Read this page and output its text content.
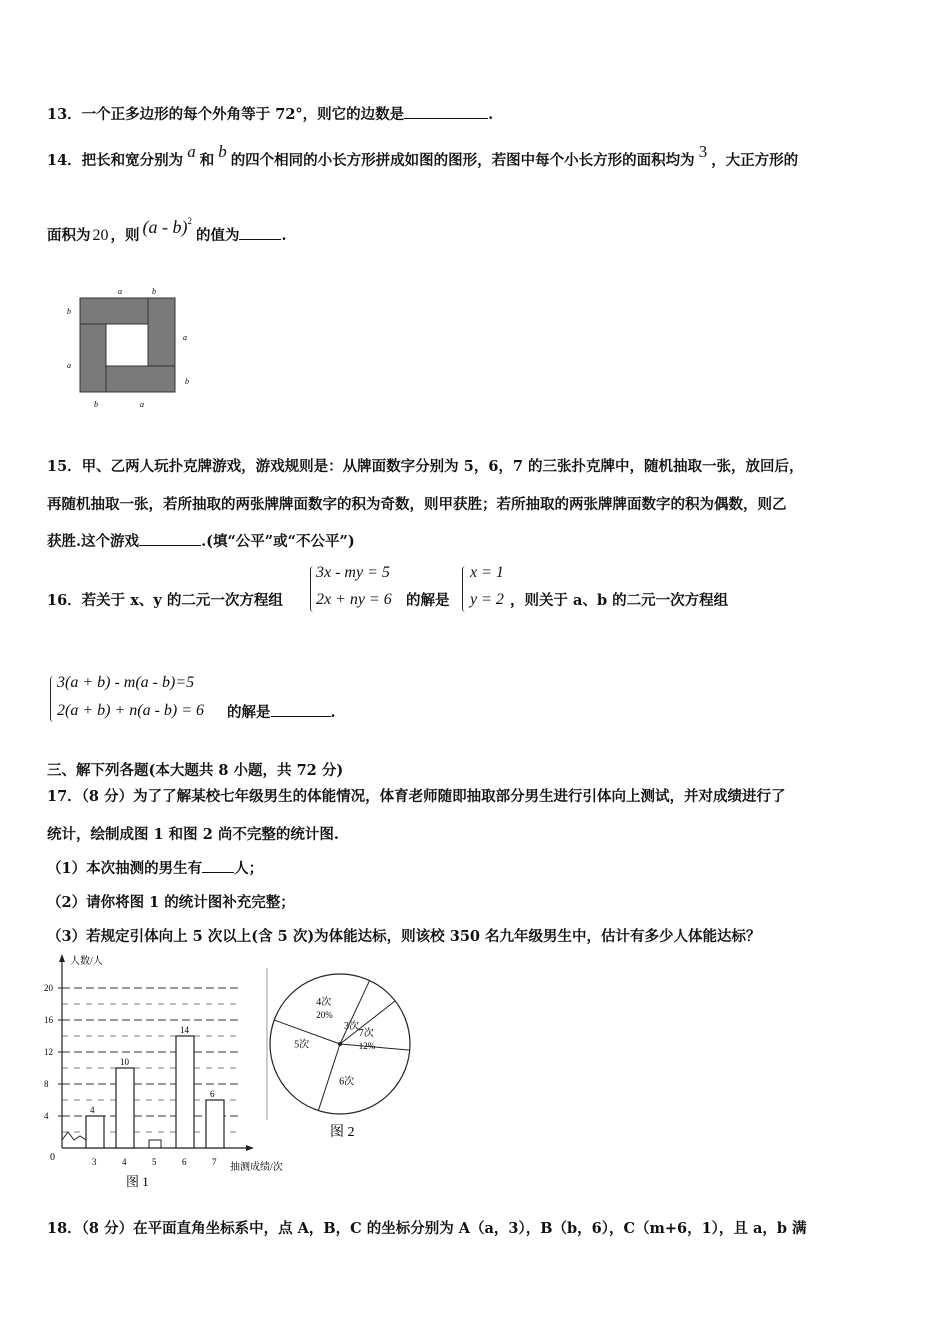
13．一个正多边形的每个外角等于 72°，则它的边数是	.
14．把长和宽分别为 a 和 b 的四个相同的小长方形拼成如图的图形，若图中每个小长方形的面积均为 3 ，大正方形的
面积为 20 ，则 (a - b)$^2$的值为	.
a	b
b
a
a
b
b	a
15．甲、乙两人玩扑克牌游戏，游戏规则是：从牌面数字分别为 5，6，7 的三张扑克牌中，随机抽取一张，放回后，
再随机抽取一张，若所抽取的两张牌牌面数字的积为奇数，则甲获胜；若所抽取的两张牌牌面数字的积为偶数，则乙
获胜.这个游戏	.(填“公平”或“不公平”)
16．若关于 x、y 的二元一次方程组
3x - my = 5
2x + ny = 6 的解是
x = 1
y = 2 ，则关于 a、b 的二元一次方程组
3(a + b) - m(a - b)=5
2(a + b) + n(a - b) = 6 的解是	.
三、解下列各题(本大题共 8 小题，共 72 分)
17．（8 分）为了了解某校七年级男生的体能情况，体育老师随即抽取部分男生进行引体向上测试，并对成绩进行了
统计，绘制成图 1 和图 2 尚不完整的统计图.
（1）本次抽测的男生有 人；
（2）请你将图 1 的统计图补充完整；
（3）若规定引体向上 5 次以上(含 5 次)为体能达标，则该校 350 名九年级男生中，估计有多少人体能达标？
人数/人
抽测成绩/次
0
图 1
4
8
12
16
20
4
10
14
6
3	4	5	6	7
4次
20%
3次
7次
12%
6次
5次
图 2
18．（8 分）在平面直角坐标系中，点 A，B，C 的坐标分别为 A（a，3），B（b，6），C（m+6，1），且 a，b 满
